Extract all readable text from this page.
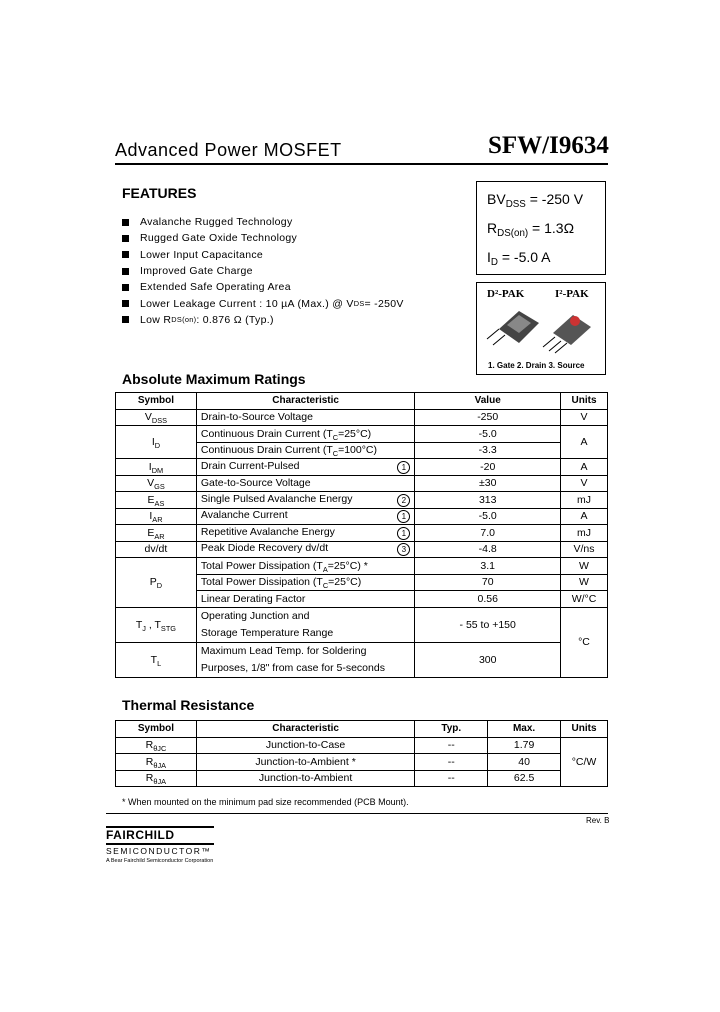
Advanced Power MOSFET	SFW/I9634
FEATURES
Avalanche Rugged Technology
Rugged Gate Oxide Technology
Lower Input Capacitance
Improved Gate Charge
Extended Safe Operating Area
Lower Leakage Current : 10 µA (Max.) @ V DS = -250V
Low R DS(on) : 0.876 Ω (Typ.)
$BV_{DSS} = -250$ V
$R_{DS(on)} = 1.3\Omega$
$I_D = -5.0$ A
D²-PAK	I²-PAK
1. Gate 2. Drain 3. Source
Absolute Maximum Ratings
Symbol	Characteristic	Value	Units
$V_{DSS}$	Drain-to-Source Voltage	-250	V
$I_D$	Continuous Drain Current $(T_C=25^\circ C)$	-5.0	A
	Continuous Drain Current $(T_C=100^\circ C)$	-3.3	
$I_{DM}$	Drain Current-Pulsed 1	-20	A
$V_{GS}$	Gate-to-Source Voltage	±30	V
$E_{AS}$	Single Pulsed Avalanche Energy 2	313	mJ
$I_{AR}$	Avalanche Current 1	-5.0	A
$E_{AR}$	Repetitive Avalanche Energy 1	7.0	mJ
dv/dt	Peak Diode Recovery dv/dt 3	-4.8	V/ns
$P_D$	Total Power Dissipation $(T_A=25^\circ C)$ *	3.1	W
	Total Power Dissipation $(T_C=25^\circ C)$	70	W
	Linear Derating Factor	0.56	W/°C
$T_J$ , $T_{STG}$	Operating Junction and
Storage Temperature Range	- 55 to +150	°C
$T_L$	Maximum Lead Temp. for Soldering
Purposes, 1/8" from case for 5-seconds	300	
Thermal Resistance
Symbol	Characteristic	Typ.	Max.	Units
$R_{\theta JC}$	Junction-to-Case	--	1.79	°C/W
$R_{\theta JA}$	Junction-to-Ambient *	--	40	
$R_{\theta JA}$	Junction-to-Ambient	--	62.5	
* When mounted on the minimum pad size recommended (PCB Mount).
Rev. B
FAIRCHILD
SEMICONDUCTOR™
A Bear Fairchild Semiconductor Corporation
